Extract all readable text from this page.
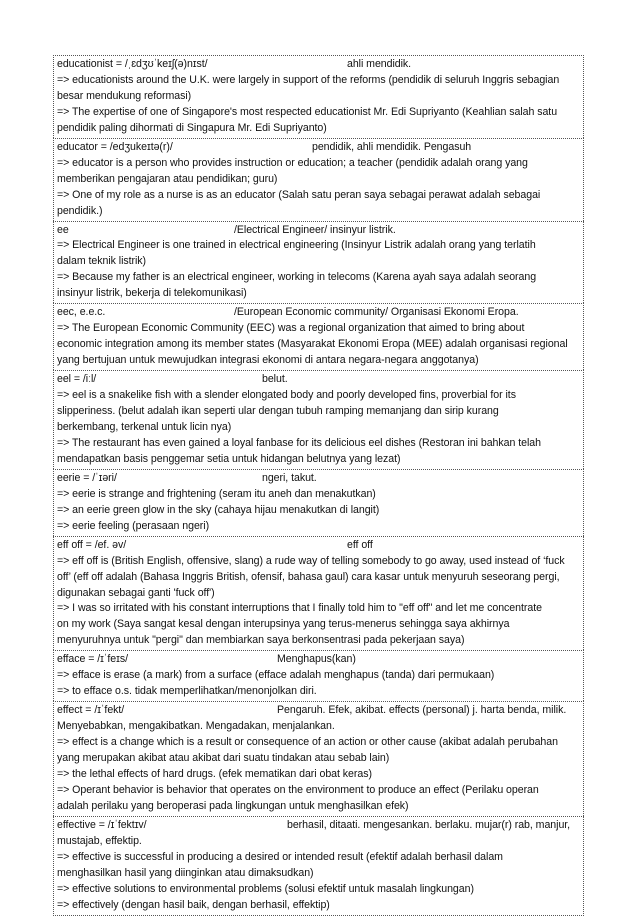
educationist = /ˌɛdʒʊˈkeɪʃ(ə)nɪst/	ahli mendidik.
=> educationists around the U.K. were largely in support of the reforms (pendidik di seluruh Inggris sebagian
besar mendukung reformasi)
=> The expertise of one of Singapore's most respected educationist Mr. Edi Supriyanto (Keahlian salah satu
pendidik paling dihormati di Singapura Mr. Edi Supriyanto)
educator = /edʒukeɪtə(r)/	pendidik, ahli mendidik. Pengasuh
=> educator is a person who provides instruction or education; a teacher (pendidik adalah orang yang
memberikan pengajaran atau pendidikan; guru)
=> One of my role as a nurse is as an educator (Salah satu peran saya sebagai perawat adalah sebagai
pendidik.)
ee	/Electrical Engineer/ insinyur listrik.
=> Electrical Engineer is one trained in electrical engineering (Insinyur Listrik adalah orang yang terlatih
dalam teknik listrik)
=> Because my father is an electrical engineer, working in telecoms (Karena ayah saya adalah seorang
insinyur listrik, bekerja di telekomunikasi)
eec, e.e.c.	/European Economic community/ Organisasi Ekonomi Eropa.
=> The European Economic Community (EEC) was a regional organization that aimed to bring about
economic integration among its member states (Masyarakat Ekonomi Eropa (MEE) adalah organisasi regional
yang bertujuan untuk mewujudkan integrasi ekonomi di antara negara-negara anggotanya)
eel = /iːl/	belut.
=> eel is a snakelike fish with a slender elongated body and poorly developed fins, proverbial for its
slipperiness. (belut adalah ikan seperti ular dengan tubuh ramping memanjang dan sirip kurang
berkembang, terkenal untuk licin nya)
=> The restaurant has even gained a loyal fanbase for its delicious eel dishes (Restoran ini bahkan telah
mendapatkan basis penggemar setia untuk hidangan belutnya yang lezat)
eerie = /ˈɪəri/	ngeri, takut.
=> eerie is strange and frightening (seram itu aneh dan menakutkan)
=> an eerie green glow in the sky (cahaya hijau menakutkan di langit)
=> eerie feeling (perasaan ngeri)
eff off = /ef. əv/	eff off
=> eff off is (British English, offensive, slang) a rude way of telling somebody to go away, used instead of ‘fuck
off’ (eff off adalah (Bahasa Inggris British, ofensif, bahasa gaul) cara kasar untuk menyuruh seseorang pergi,
digunakan sebagai ganti 'fuck off')
=> I was so irritated with his constant interruptions that I finally told him to "eff off" and let me concentrate
on my work (Saya sangat kesal dengan interupsinya yang terus-menerus sehingga saya akhirnya
menyuruhnya untuk "pergi" dan membiarkan saya berkonsentrasi pada pekerjaan saya)
efface = /ɪˈfeɪs/	Menghapus(kan)
=> efface is erase (a mark) from a surface (efface adalah menghapus (tanda) dari permukaan)
=> to efface o.s. tidak memperlihatkan/menonjolkan diri.
effect = /ɪˈfekt/	Pengaruh. Efek, akibat. effects (personal) j. harta benda, milik.
Menyebabkan, mengakibatkan. Mengadakan, menjalankan.
=> effect is a change which is a result or consequence of an action or other cause (akibat adalah perubahan
yang merupakan akibat atau akibat dari suatu tindakan atau sebab lain)
=> the lethal effects of hard drugs. (efek mematikan dari obat keras)
=> Operant behavior is behavior that operates on the environment to produce an effect (Perilaku operan
adalah perilaku yang beroperasi pada lingkungan untuk menghasilkan efek)
effective = /ɪˈfektɪv/	berhasil, ditaati. mengesankan. berlaku. mujar(r) rab, manjur,
mustajab, effektip.
=> effective is successful in producing a desired or intended result (efektif adalah berhasil dalam
menghasilkan hasil yang diinginkan atau dimaksudkan)
=> effective solutions to environmental problems (solusi efektif untuk masalah lingkungan)
=> effectively (dengan hasil baik, dengan berhasil, effektip)
